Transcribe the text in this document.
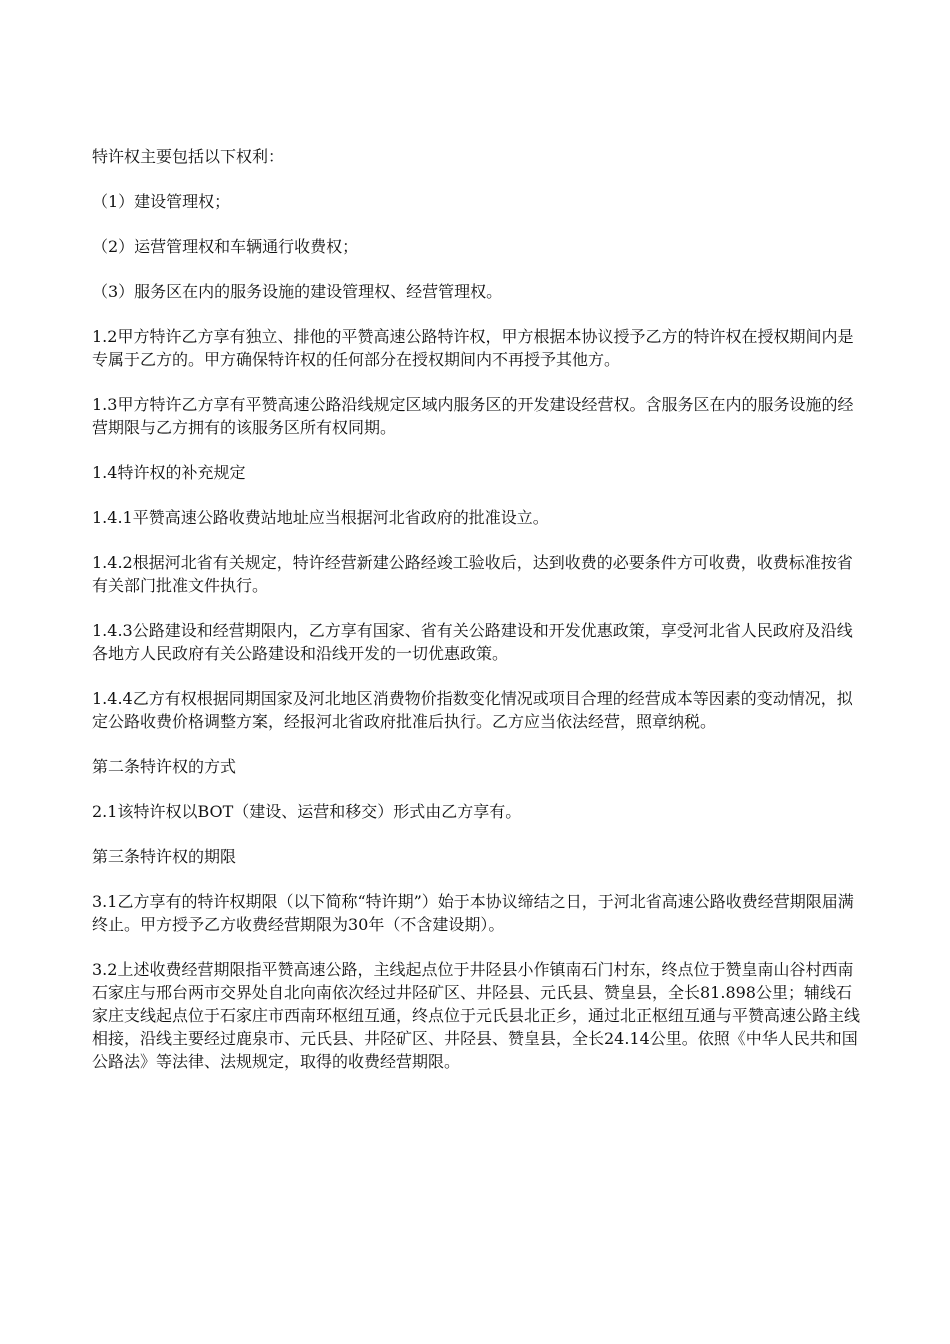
特许权主要包括以下权利：

（1）建设管理权；

（2）运营管理权和车辆通行收费权；

（3）服务区在内的服务设施的建设管理权、经营管理权。

1.2甲方特许乙方享有独立、排他的平赞高速公路特许权，甲方根据本协议授予乙方的特许权在授权期间内是专属于乙方的。甲方确保特许权的任何部分在授权期间内不再授予其他方。

1.3甲方特许乙方享有平赞高速公路沿线规定区域内服务区的开发建设经营权。含服务区在内的服务设施的经营期限与乙方拥有的该服务区所有权同期。

1.4特许权的补充规定

1.4.1平赞高速公路收费站地址应当根据河北省政府的批准设立。

1.4.2根据河北省有关规定，特许经营新建公路经竣工验收后，达到收费的必要条件方可收费，收费标准按省有关部门批准文件执行。

1.4.3公路建设和经营期限内，乙方享有国家、省有关公路建设和开发优惠政策，享受河北省人民政府及沿线各地方人民政府有关公路建设和沿线开发的一切优惠政策。

1.4.4乙方有权根据同期国家及河北地区消费物价指数变化情况或项目合理的经营成本等因素的变动情况，拟定公路收费价格调整方案，经报河北省政府批准后执行。乙方应当依法经营，照章纳税。

第二条特许权的方式

2.1该特许权以BOT（建设、运营和移交）形式由乙方享有。

第三条特许权的期限

3.1乙方享有的特许权期限（以下简称“特许期”）始于本协议缔结之日，于河北省高速公路收费经营期限届满终止。甲方授予乙方收费经营期限为30年（不含建设期）。

3.2上述收费经营期限指平赞高速公路，主线起点位于井陉县小作镇南石门村东，终点位于赞皇南山谷村西南石家庄与邢台两市交界处自北向南依次经过井陉矿区、井陉县、元氏县、赞皇县，全长81.898公里；辅线石家庄支线起点位于石家庄市西南环枢纽互通，终点位于元氏县北正乡，通过北正枢纽互通与平赞高速公路主线相接，沿线主要经过鹿泉市、元氏县、井陉矿区、井陉县、赞皇县，全长24.14公里。依照《中华人民共和国公路法》等法律、法规规定，取得的收费经营期限。
